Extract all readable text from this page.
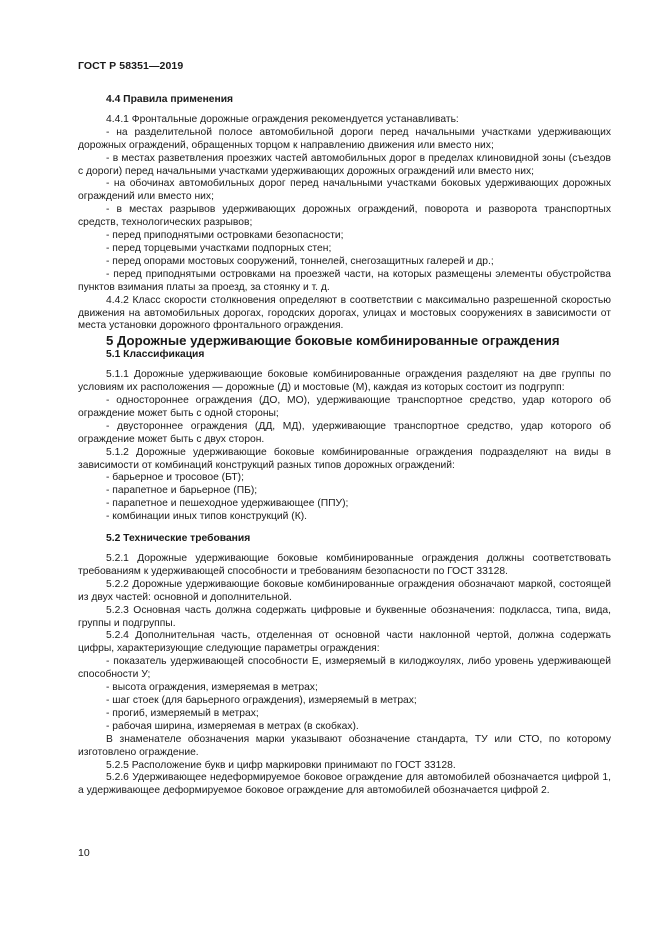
ГОСТ Р 58351—2019

4.4 Правила применения

4.4.1 Фронтальные дорожные ограждения рекомендуется устанавливать:

- на разделительной полосе автомобильной дороги перед начальными участками удерживающих дорожных ограждений, обращенных торцом к направлению движения или вместо них;

- в местах разветвления проезжих частей автомобильных дорог в пределах клиновидной зоны (съездов с дороги) перед начальными участками удерживающих дорожных ограждений или вместо них;

- на обочинах автомобильных дорог перед начальными участками боковых удерживающих дорожных ограждений или вместо них;

- в местах разрывов удерживающих дорожных ограждений, поворота и разворота транспортных средств, технологических разрывов;

- перед приподнятыми островками безопасности;

- перед торцевыми участками подпорных стен;

- перед опорами мостовых сооружений, тоннелей, снегозащитных галерей и др.;

- перед приподнятыми островками на проезжей части, на которых размещены элементы обустройства пунктов взимания платы за проезд, за стоянку и т. д.

4.4.2 Класс скорости столкновения определяют в соответствии с максимально разрешенной скоростью движения на автомобильных дорогах, городских дорогах, улицах и мостовых сооружениях в зависимости от места установки дорожного фронтального ограждения.

5 Дорожные удерживающие боковые комбинированные ограждения

5.1 Классификация

5.1.1 Дорожные удерживающие боковые комбинированные ограждения разделяют на две группы по условиям их расположения — дорожные (Д) и мостовые (М), каждая из которых состоит из подгрупп:

- одностороннее ограждения (ДО, МО), удерживающие транспортное средство, удар которого об ограждение может быть с одной стороны;

- двустороннее ограждения (ДД, МД), удерживающие транспортное средство, удар которого об ограждение может быть с двух сторон.

5.1.2 Дорожные удерживающие боковые комбинированные ограждения подразделяют на виды в зависимости от комбинаций конструкций разных типов дорожных ограждений:

- барьерное и тросовое (БТ);

- парапетное и барьерное (ПБ);

- парапетное и пешеходное удерживающее (ППУ);

- комбинации иных типов конструкций (К).

5.2 Технические требования

5.2.1 Дорожные удерживающие боковые комбинированные ограждения должны соответствовать требованиям к удерживающей способности и требованиям безопасности по ГОСТ 33128.

5.2.2 Дорожные удерживающие боковые комбинированные ограждения обозначают маркой, состоящей из двух частей: основной и дополнительной.

5.2.3 Основная часть должна содержать цифровые и буквенные обозначения: подкласса, типа, вида, группы и подгруппы.

5.2.4 Дополнительная часть, отделенная от основной части наклонной чертой, должна содержать цифры, характеризующие следующие параметры ограждения:

- показатель удерживающей способности Е, измеряемый в килоджоулях, либо уровень удерживающей способности У;

- высота ограждения, измеряемая в метрах;

- шаг стоек (для барьерного ограждения), измеряемый в метрах;

- прогиб, измеряемый в метрах;

- рабочая ширина, измеряемая в метрах (в скобках).

В знаменателе обозначения марки указывают обозначение стандарта, ТУ или СТО, по которому изготовлено ограждение.

5.2.5 Расположение букв и цифр маркировки принимают по ГОСТ 33128.

5.2.6 Удерживающее недеформируемое боковое ограждение для автомобилей обозначается цифрой 1, а удерживающее деформируемое боковое ограждение для автомобилей обозначается цифрой 2.

10
